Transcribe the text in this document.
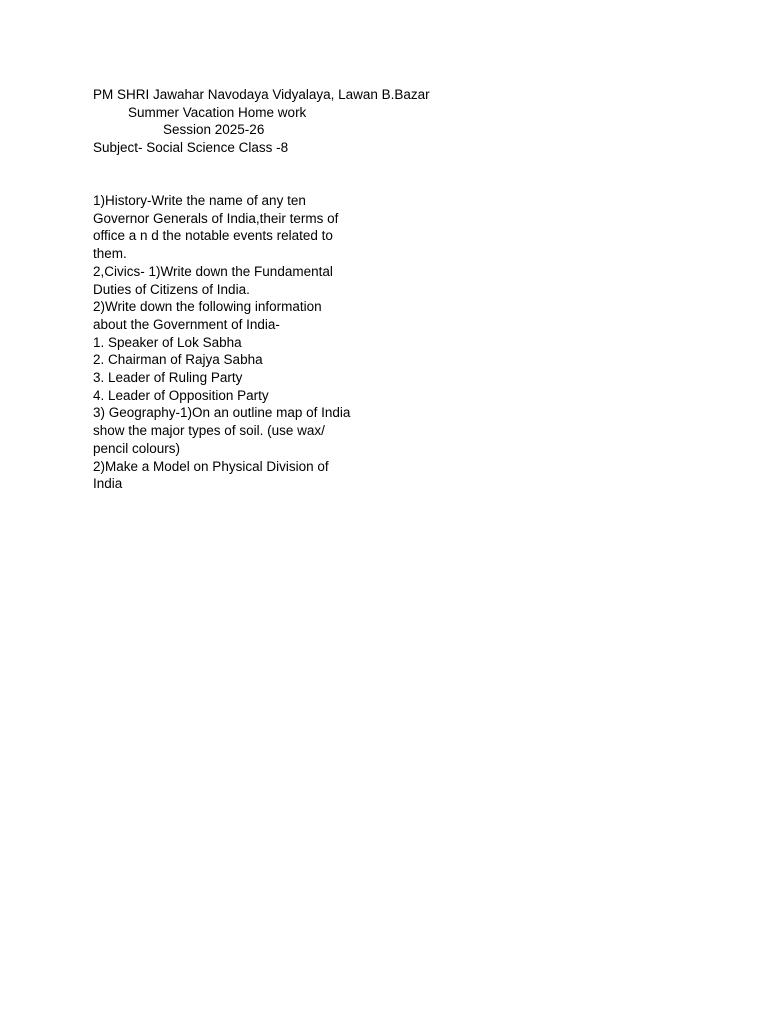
PM SHRI Jawahar Navodaya Vidyalaya, Lawan B.Bazar
Summer Vacation Home work
Session 2025-26
Subject- Social Science Class -8
1)History-Write the name of any ten
Governor Generals of India,their terms of
office a n d the notable events related to
them.
2,Civics- 1)Write down the Fundamental
Duties of Citizens of India.
2)Write down the following information
about the Government of India-
1. Speaker of Lok Sabha
2. Chairman of Rajya Sabha
3. Leader of Ruling Party
4. Leader of Opposition Party
3) Geography-1)On an outline map of India
show the major types of soil. (use wax/
pencil colours)
2)Make a Model on Physical Division of
India
